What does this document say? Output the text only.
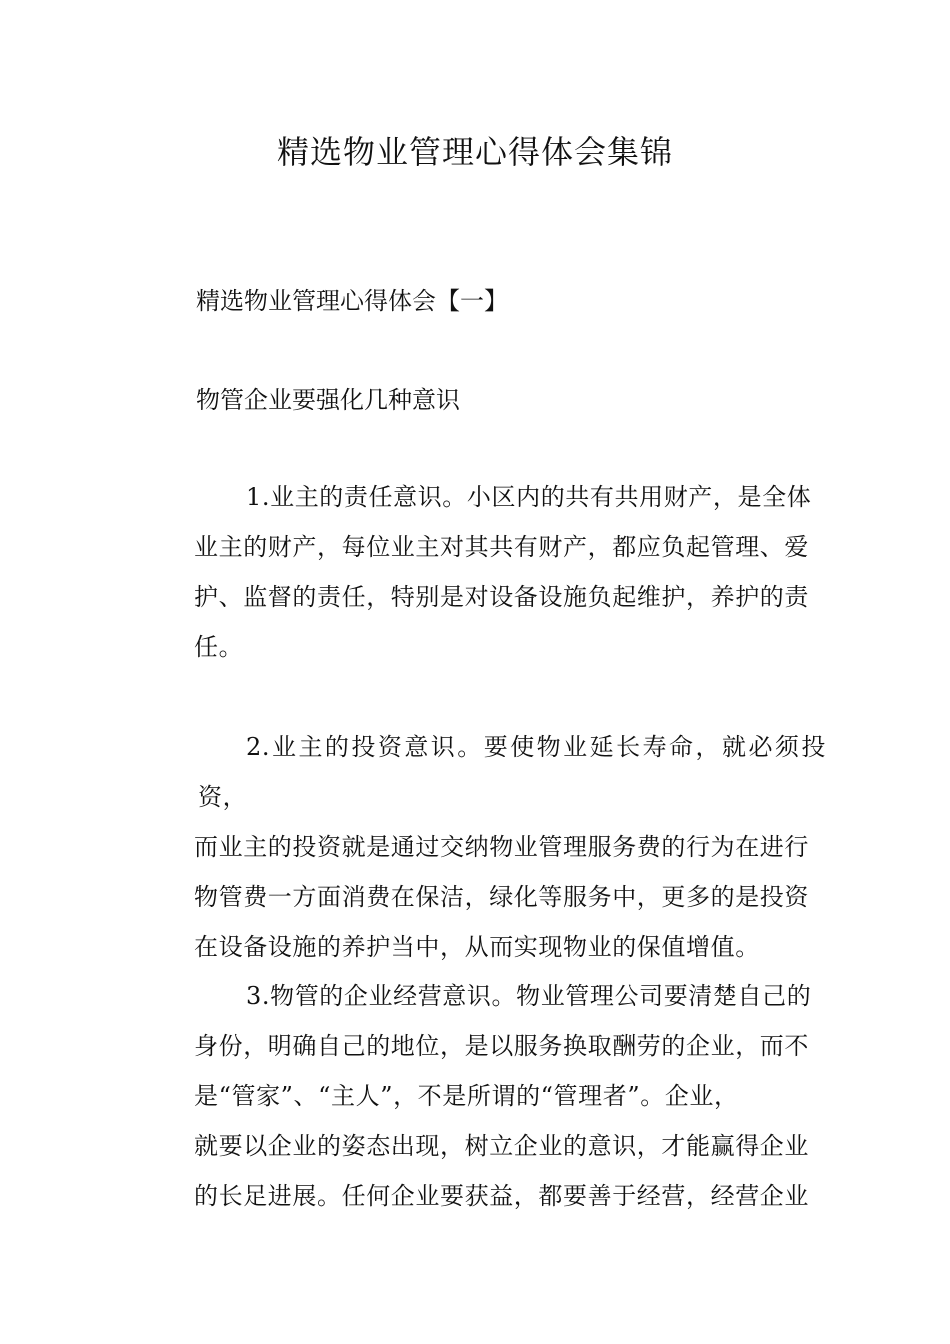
精选物业管理心得体会集锦

精选物业管理心得体会【一】

物管企业要强化几种意识

1.业主的责任意识。小区内的共有共用财产，是全体
业主的财产，每位业主对其共有财产，都应负起管理、爱
护、监督的责任，特别是对设备设施负起维护，养护的责
任。
2.业主的投资意识。要使物业延长寿命，就必须投资，
而业主的投资就是通过交纳物业管理服务费的行为在进行
物管费一方面消费在保洁，绿化等服务中，更多的是投资
在设备设施的养护当中，从而实现物业的保值增值。
3.物管的企业经营意识。物业管理公司要清楚自己的
身份，明确自己的地位，是以服务换取酬劳的企业，而不
是“管家”、“主人”，不是所谓的“管理者”。企业，
就要以企业的姿态出现，树立企业的意识，才能赢得企业
的长足进展。任何企业要获益，都要善于经营，经营企业
